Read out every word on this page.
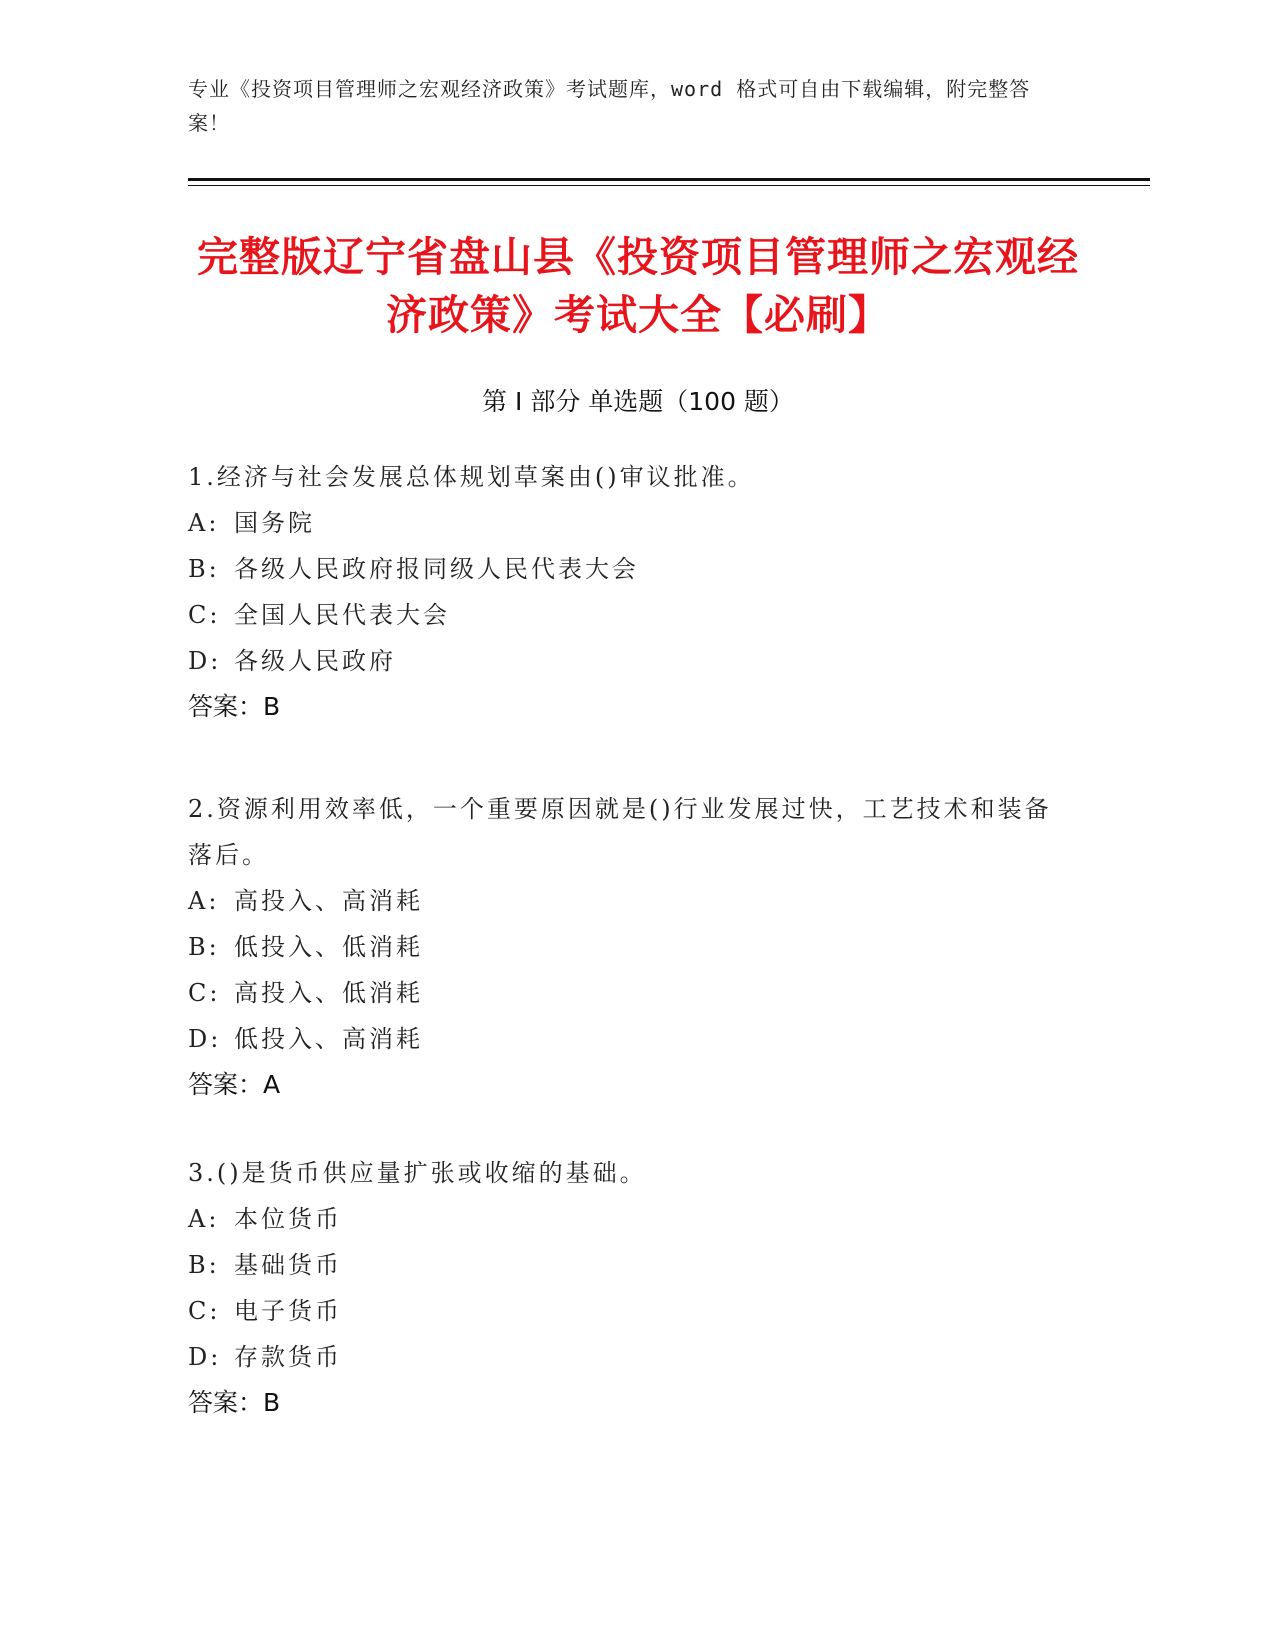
专业《投资项目管理师之宏观经济政策》考试题库，word 格式可自由下载编辑，附完整答案！
完整版辽宁省盘山县《投资项目管理师之宏观经济政策》考试大全【必刷】
第 I 部分 单选题（100 题）

1.经济与社会发展总体规划草案由()审议批准。

A: 国务院

B: 各级人民政府报同级人民代表大会

C: 全国人民代表大会

D: 各级人民政府

答案：B

2.资源利用效率低，一个重要原因就是()行业发展过快，工艺技术和装备落后。

A: 高投入、高消耗

B: 低投入、低消耗

C: 高投入、低消耗

D: 低投入、高消耗

答案：A

3.()是货币供应量扩张或收缩的基础。

A: 本位货币

B: 基础货币

C: 电子货币

D: 存款货币

答案：B
